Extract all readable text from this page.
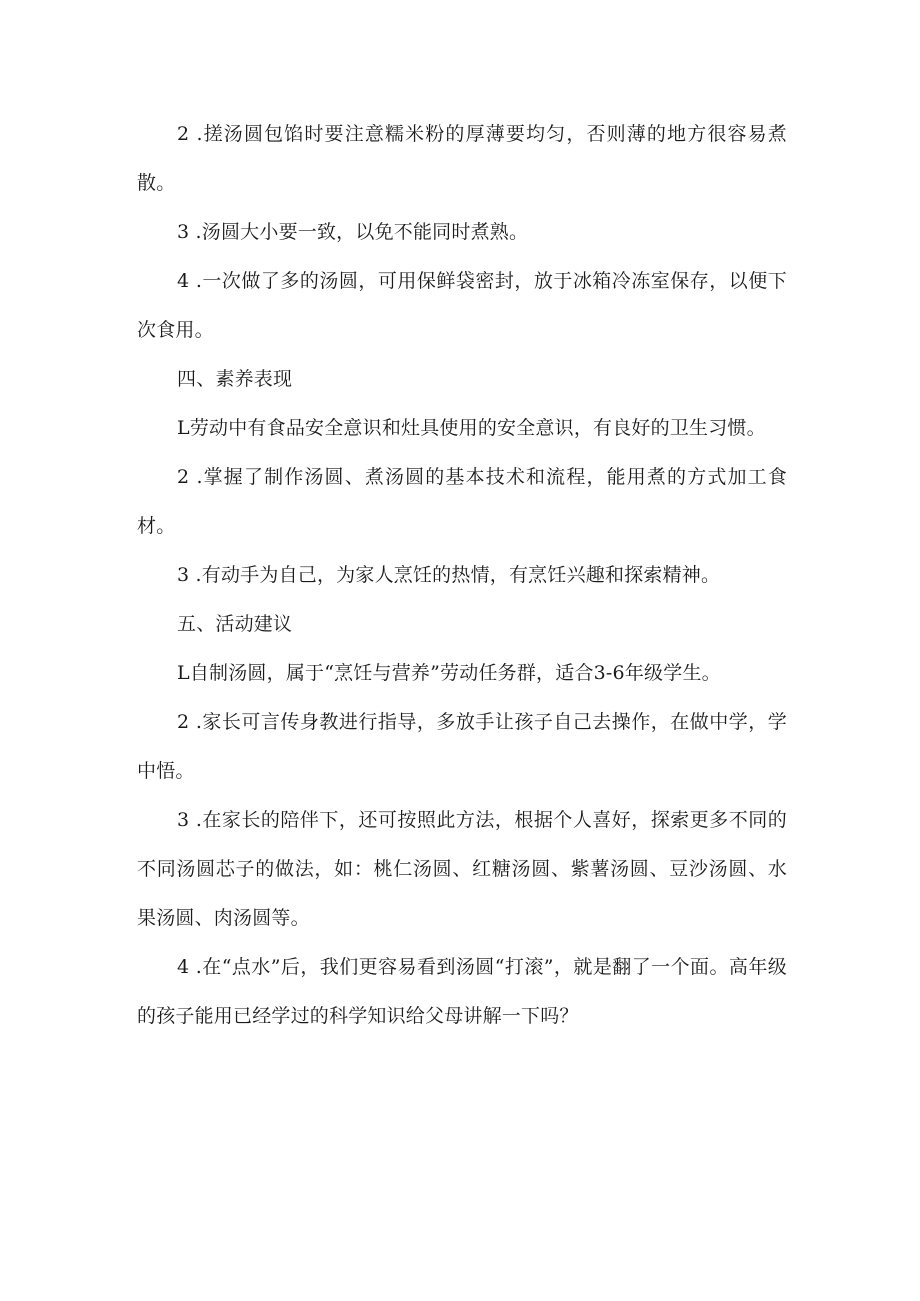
2 .搓汤圆包馅时要注意糯米粉的厚薄要均匀，否则薄的地方很容易煮散。

3 .汤圆大小要一致，以免不能同时煮熟。

4 .一次做了多的汤圆，可用保鲜袋密封，放于冰箱冷冻室保存，以便下次食用。

四、素养表现

L劳动中有食品安全意识和灶具使用的安全意识，有良好的卫生习惯。

2 .掌握了制作汤圆、煮汤圆的基本技术和流程，能用煮的方式加工食材。

3 .有动手为自己，为家人烹饪的热情，有烹饪兴趣和探索精神。

五、活动建议

L自制汤圆，属于“烹饪与营养”劳动任务群，适合3-6年级学生。

2 .家长可言传身教进行指导，多放手让孩子自己去操作，在做中学，学中悟。

3 .在家长的陪伴下，还可按照此方法，根据个人喜好，探索更多不同的不同汤圆芯子的做法，如：桃仁汤圆、红糖汤圆、紫薯汤圆、豆沙汤圆、水果汤圆、肉汤圆等。

4 .在“点水”后，我们更容易看到汤圆“打滚”，就是翻了一个面。高年级的孩子能用已经学过的科学知识给父母讲解一下吗？
